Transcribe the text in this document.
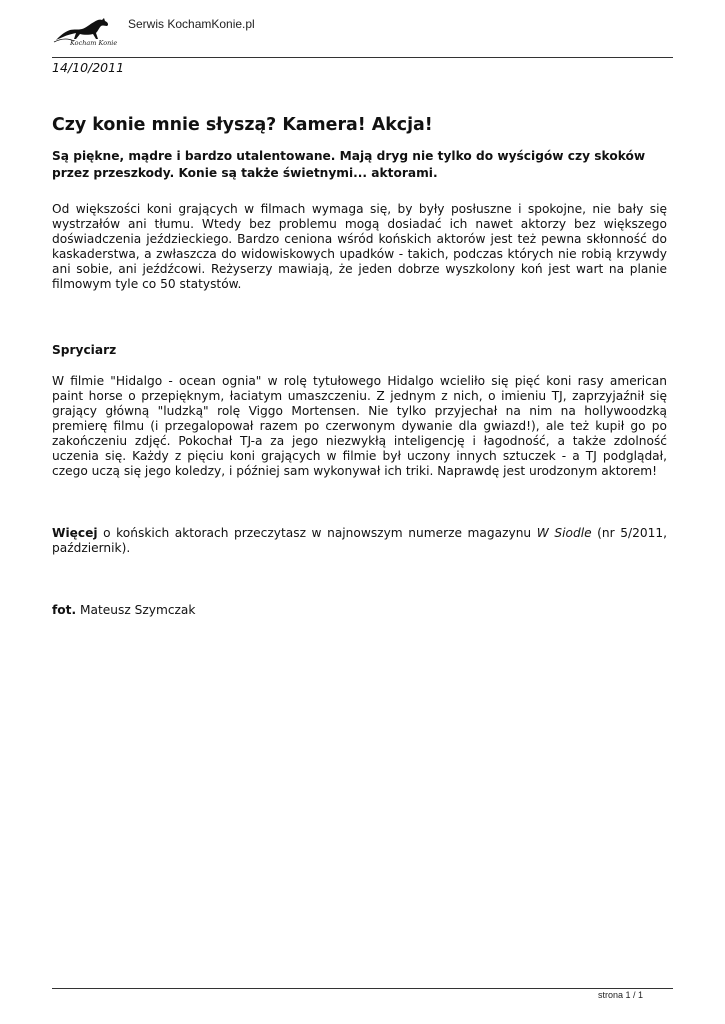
Kocham Konie
Serwis KochamKonie.pl
14/10/2011
Czy konie mnie słyszą? Kamera! Akcja!
Są piękne, mądre i bardzo utalentowane. Mają dryg nie tylko do wyścigów czy skoków przez przeszkody. Konie są także świetnymi... aktorami.

Od większości koni grających w filmach wymaga się, by były posłuszne i spokojne, nie bały się wystrzałów ani tłumu. Wtedy bez problemu mogą dosiadać ich nawet aktorzy bez większego doświadczenia jeździeckiego. Bardzo ceniona wśród końskich aktorów jest też pewna skłonność do kaskaderstwa, a zwłaszcza do widowiskowych upadków - takich, podczas których nie robią krzywdy ani sobie, ani jeźdźcowi. Reżyserzy mawiają, że jeden dobrze wyszkolony koń jest wart na planie filmowym tyle co 50 statystów.

Spryciarz

W filmie "Hidalgo - ocean ognia" w rolę tytułowego Hidalgo wcieliło się pięć koni rasy american paint horse o przepięknym, łaciatym umaszczeniu. Z jednym z nich, o imieniu TJ, zaprzyjaźnił się grający główną "ludzką" rolę Viggo Mortensen. Nie tylko przyjechał na nim na hollywoodzką premierę filmu (i przegalopował razem po czerwonym dywanie dla gwiazd!), ale też kupił go po zakończeniu zdjęć. Pokochał TJ-a za jego niezwykłą inteligencję i łagodność, a także zdolność uczenia się. Każdy z pięciu koni grających w filmie był uczony innych sztuczek - a TJ podglądał, czego uczą się jego koledzy, i później sam wykonywał ich triki. Naprawdę jest urodzonym aktorem!

Więcej o końskich aktorach przeczytasz w najnowszym numerze magazynu W Siodle (nr 5/2011, październik).

fot. Mateusz Szymczak

strona 1 / 1
